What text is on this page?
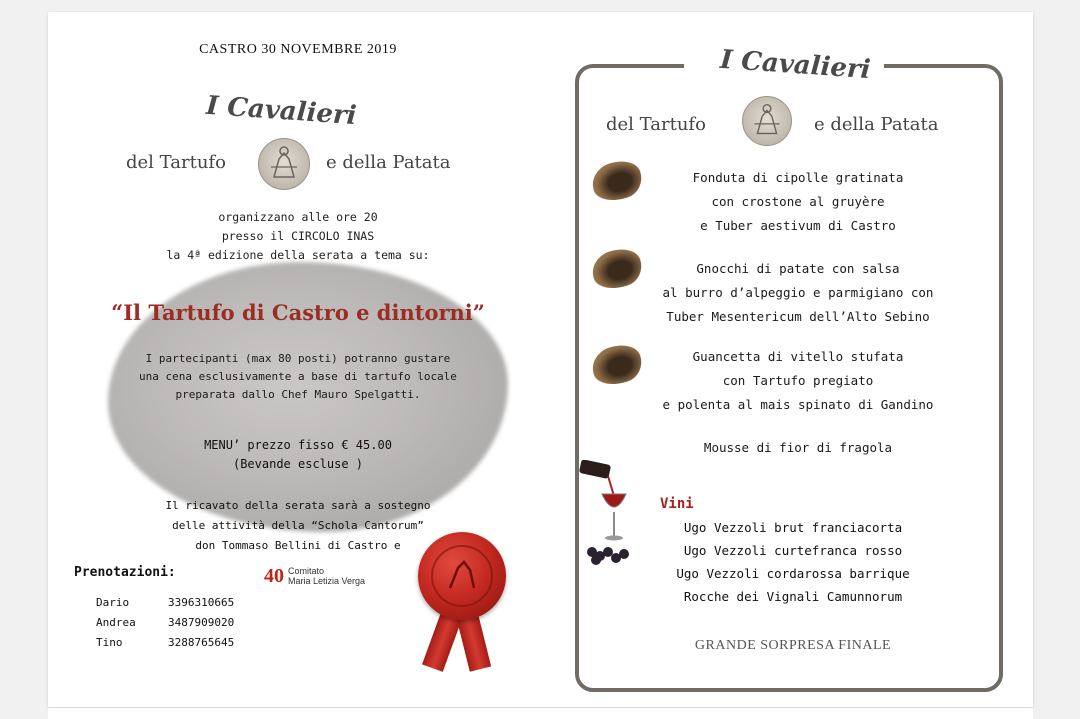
CASTRO 30 NOVEMBRE 2019
I Cavalieri
del Tartufo	e della Patata
organizzano alle ore 20
presso il CIRCOLO INAS
la 4ª edizione della serata a tema su:
“Il Tartufo di Castro e dintorni”
I partecipanti (max 80 posti) potranno gustare
una cena esclusivamente a base di tartufo locale
preparata dallo Chef Mauro Spelgatti.
MENU’ prezzo fisso € 45.00
(Bevande escluse )
Il ricavato della serata sarà a sostegno
delle attività della “Schola Cantorum”
don Tommaso Bellini di Castro e
Prenotazioni:
Dario	3396310665
Andrea	3487909020
Tino	3288765645
40 Comitato
Maria Letizia Verga
I Cavalieri
del Tartufo	e della Patata
Fonduta di cipolle gratinata
con crostone al gruyère
e Tuber aestivum di Castro
Gnocchi di patate con salsa
al burro d’alpeggio e parmigiano con
Tuber Mesentericum dell’Alto Sebino
Guancetta di vitello stufata
con Tartufo pregiato
e polenta al mais spinato di Gandino
Mousse di fior di fragola
Vini
Ugo Vezzoli brut franciacorta
Ugo Vezzoli curtefranca rosso
Ugo Vezzoli cordarossa barrique
Rocche dei Vignali Camunnorum
GRANDE SORPRESA FINALE
